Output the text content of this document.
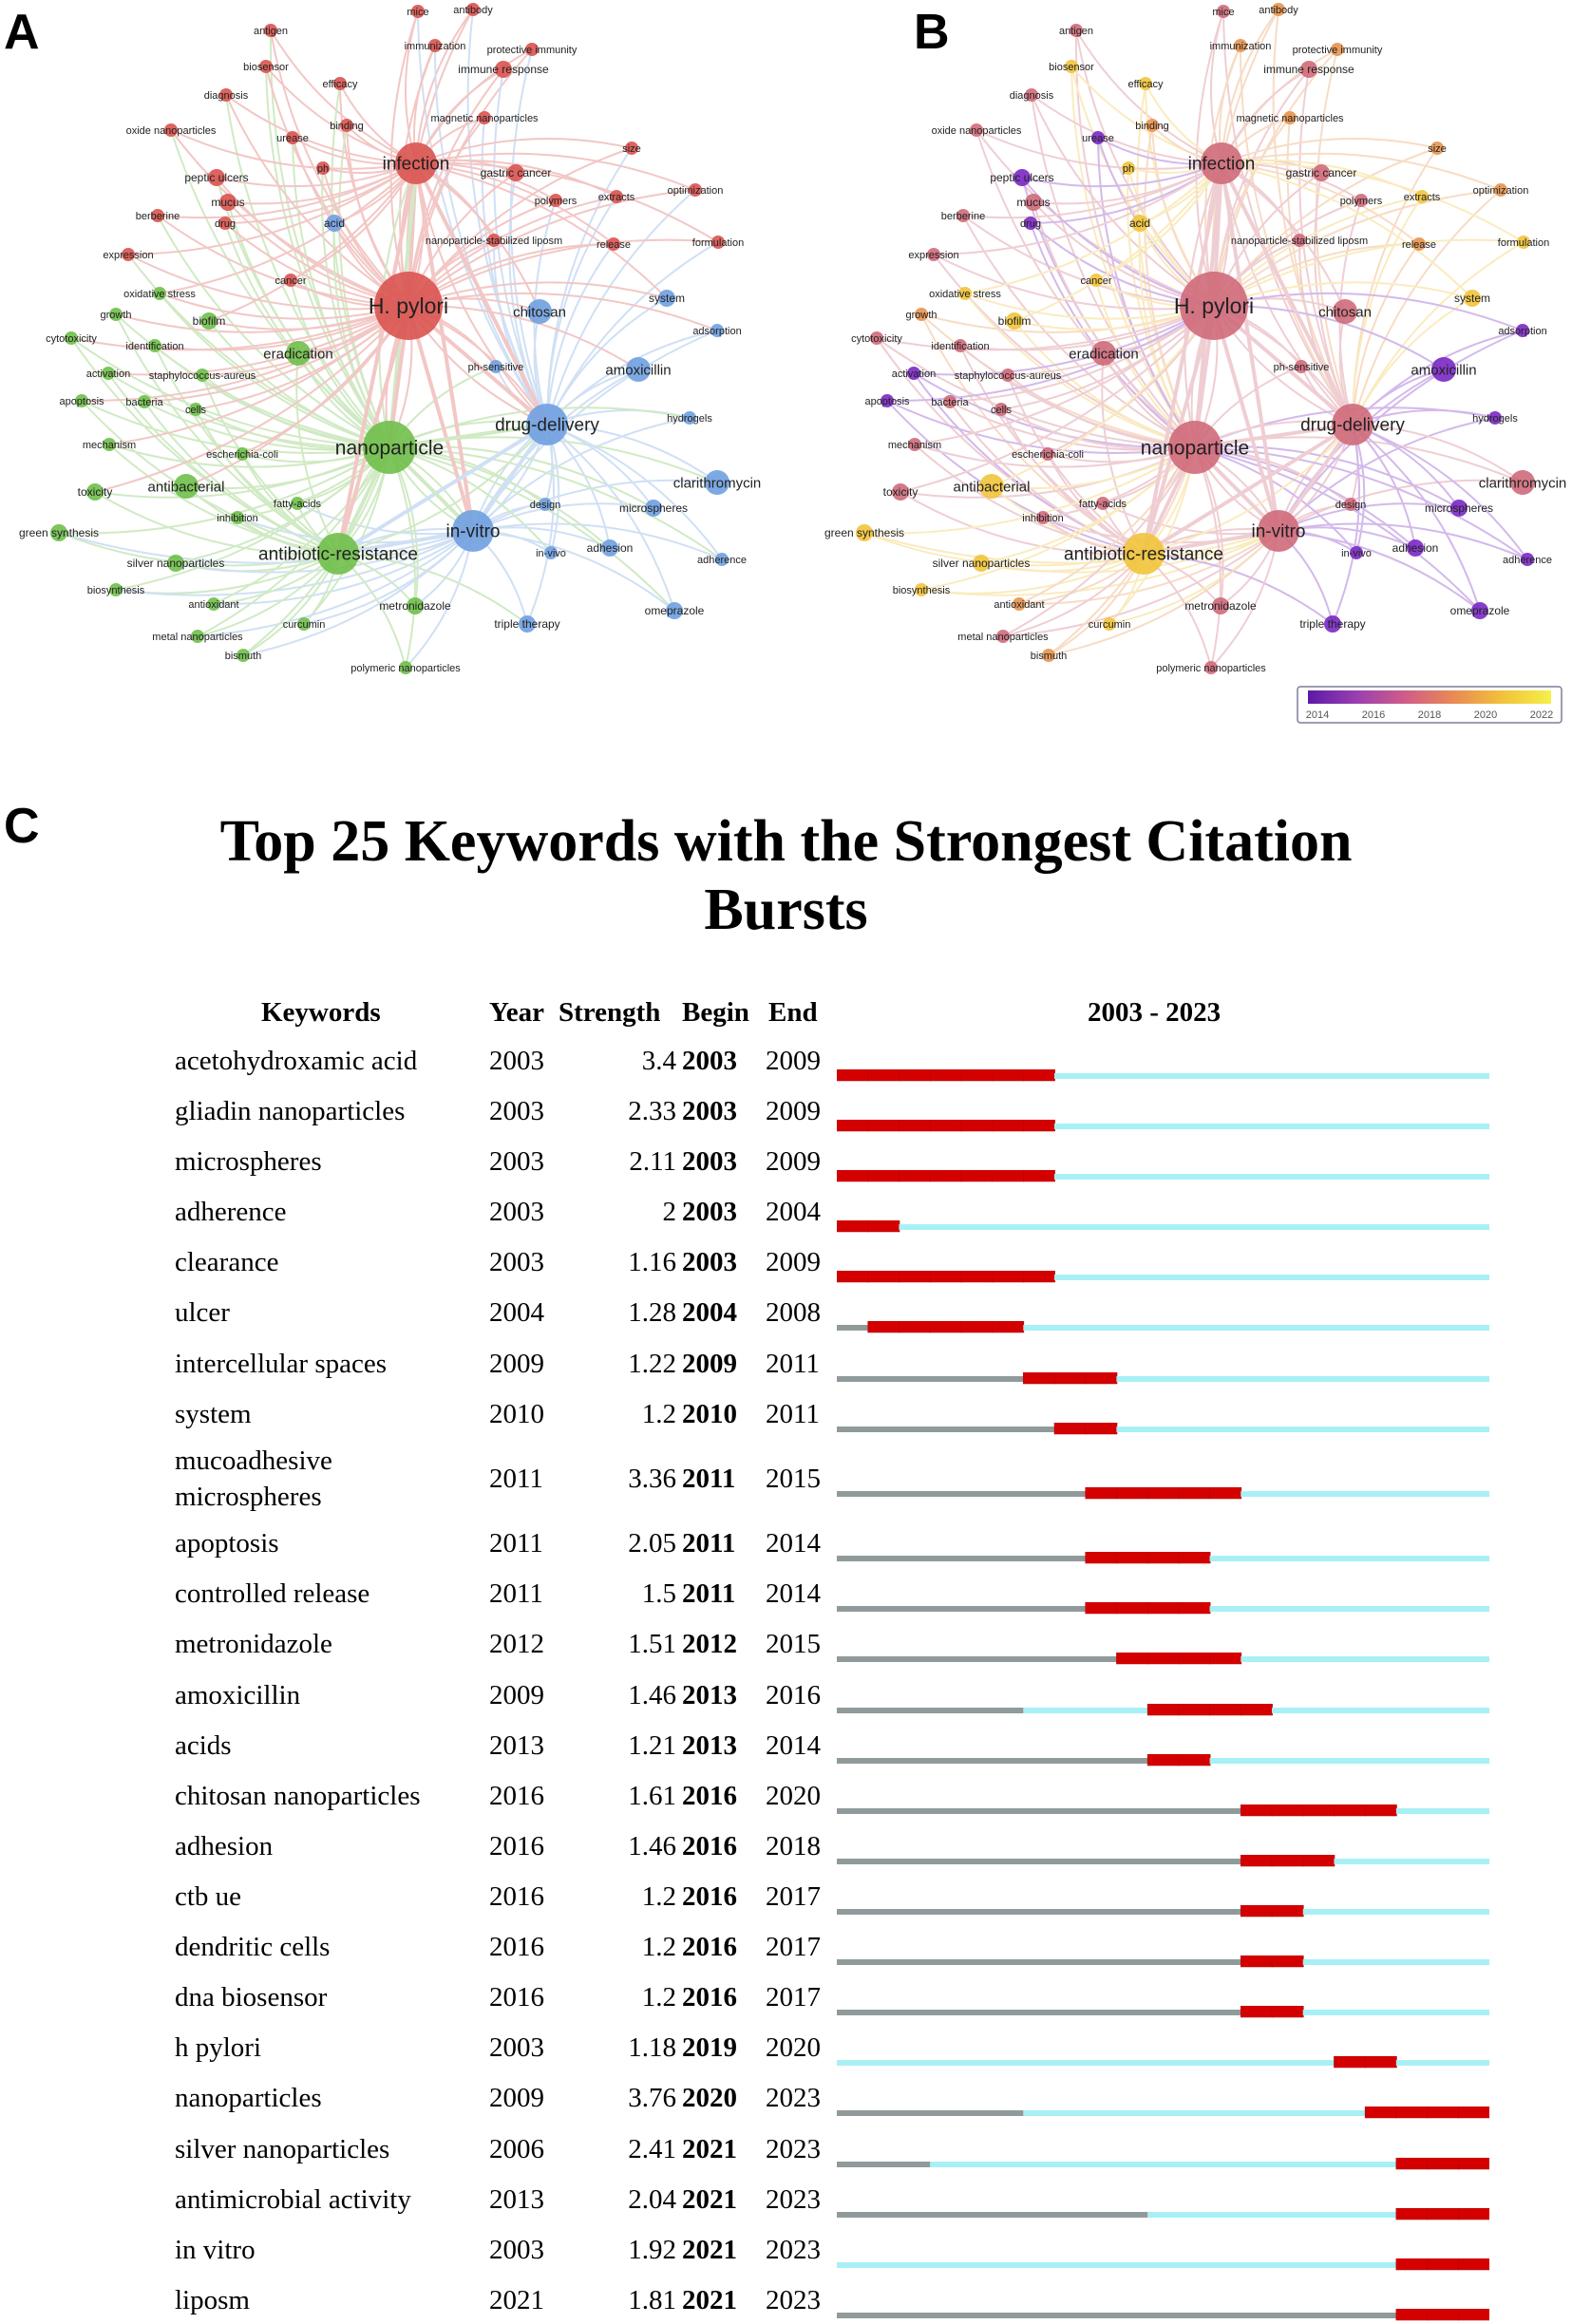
A	B
C
mice antibody
antigen
immunization protective immunity
biosensor	immune response
efficacy
diagnosis
magnetic nanoparticles
oxide nanoparticles	binding
urease
size
infection
ph
peptic ulcers	gastric cancer
optimization
mucus	polymers extracts
berberine
drug	acid
nanoparticle-stabilized liposm	release	formulation
expression
cancer
oxidative stress	H. pylori	chitosan
system
growth	biofilm
adsorption
cytotoxicity
identification	eradication
ph-sensitive	amoxicillin
activation staphylococcus-aureus
apoptosis bacteria
cells
hydrogels
drug-delivery
mechanism	nanoparticle
escherichia-coli
clarithromycin
toxicity antibacterial
fatty-acids	design	microspheres
inhibition
green synthesis	in-vitro
in-vivo adhesion
antibiotic-resistance
silver nanoparticles	adherence
biosynthesis
antioxidant	metronidazole	omeprazole
curcumin	triple therapy
metal nanoparticles
bismuth
polymeric nanoparticles
mice antibody
antigen
immunization protective immunity
biosensor	immune response
efficacy
diagnosis
magnetic nanoparticles
oxide nanoparticles	binding
urease
size
infection
ph
peptic ulcers	gastric cancer
optimization
mucus	polymers extracts
berberine
drug	acid
nanoparticle-stabilized liposm	release	formulation
expression
cancer
oxidative stress	H. pylori	chitosan
system
growth	biofilm
adsorption
cytotoxicity
identification	eradication
ph-sensitive	amoxicillin
activation staphylococcus-aureus
apoptosis bacteria
cells
hydrogels
drug-delivery
mechanism	nanoparticle
escherichia-coli
clarithromycin
toxicity antibacterial
fatty-acids	design	microspheres
inhibition
green synthesis	in-vitro
in-vivo adhesion
antibiotic-resistance
silver nanoparticles	adherence
biosynthesis
antioxidant	metronidazole	omeprazole
curcumin	triple therapy
metal nanoparticles
bismuth
polymeric nanoparticles
2014	2016	2018	2020	2022
Top 25 Keywords with the Strongest Citation
Bursts
Keywords	Year Strength Begin End	2003 - 2023
acetohydroxamic acid	2003	3.4 2003 2009
gliadin nanoparticles	2003	2.33 2003 2009
microspheres	2003	2.11 2003 2009
adherence	2003	2 2003 2004
clearance	2003	1.16 2003 2009
ulcer	2004	1.28 2004 2008
intercellular spaces	2009	1.22 2009 2011
system	2010	1.2 2010 2011
mucoadhesive
microspheres
2011	3.36 2011 2015
apoptosis	2011	2.05 2011 2014
controlled release	2011	1.5 2011 2014
metronidazole	2012	1.51 2012 2015
amoxicillin	2009	1.46 2013 2016
acids	2013	1.21 2013 2014
chitosan nanoparticles	2016	1.61 2016 2020
adhesion	2016	1.46 2016 2018
ctb ue	2016	1.2 2016 2017
dendritic cells	2016	1.2 2016 2017
dna biosensor	2016	1.2 2016 2017
h pylori	2003	1.18 2019 2020
nanoparticles	2009	3.76 2020 2023
silver nanoparticles	2006	2.41 2021 2023
antimicrobial activity	2013	2.04 2021 2023
in vitro	2003	1.92 2021 2023
liposm	2021	1.81 2021 2023
